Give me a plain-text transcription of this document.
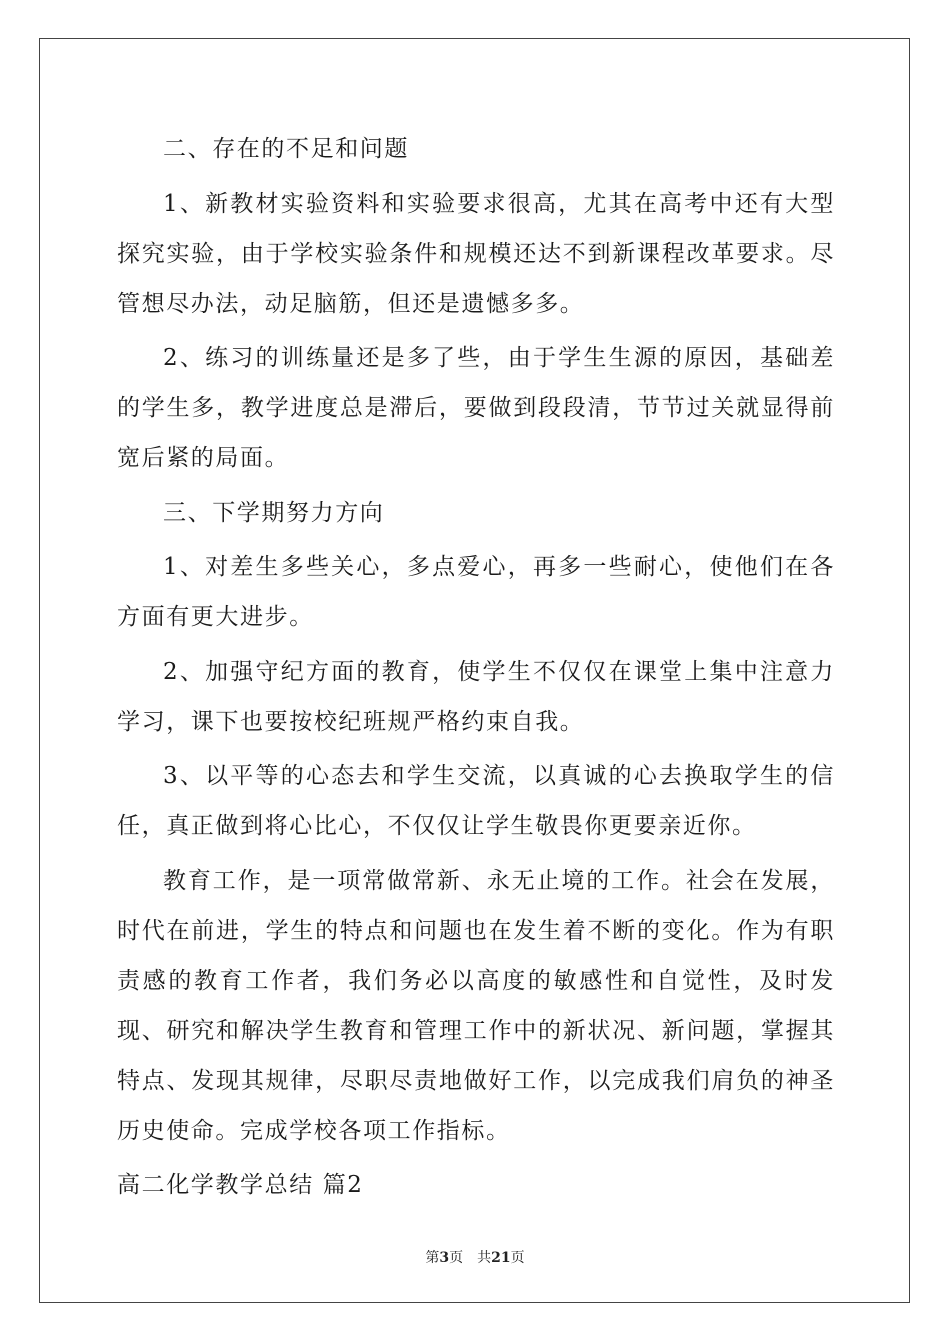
二、存在的不足和问题

1、新教材实验资料和实验要求很高，尤其在高考中还有大型探究实验，由于学校实验条件和规模还达不到新课程改革要求。尽管想尽办法，动足脑筋，但还是遗憾多多。

2、练习的训练量还是多了些，由于学生生源的原因，基础差的学生多，教学进度总是滞后，要做到段段清，节节过关就显得前宽后紧的局面。

三、下学期努力方向

1、对差生多些关心，多点爱心，再多一些耐心，使他们在各方面有更大进步。

2、加强守纪方面的教育，使学生不仅仅在课堂上集中注意力学习，课下也要按校纪班规严格约束自我。

3、以平等的心态去和学生交流，以真诚的心去换取学生的信任，真正做到将心比心，不仅仅让学生敬畏你更要亲近你。

教育工作，是一项常做常新、永无止境的工作。社会在发展，时代在前进，学生的特点和问题也在发生着不断的变化。作为有职责感的教育工作者，我们务必以高度的敏感性和自觉性，及时发现、研究和解决学生教育和管理工作中的新状况、新问题，掌握其特点、发现其规律，尽职尽责地做好工作，以完成我们肩负的神圣历史使命。完成学校各项工作指标。

高二化学教学总结 篇2

第3页 共21页
